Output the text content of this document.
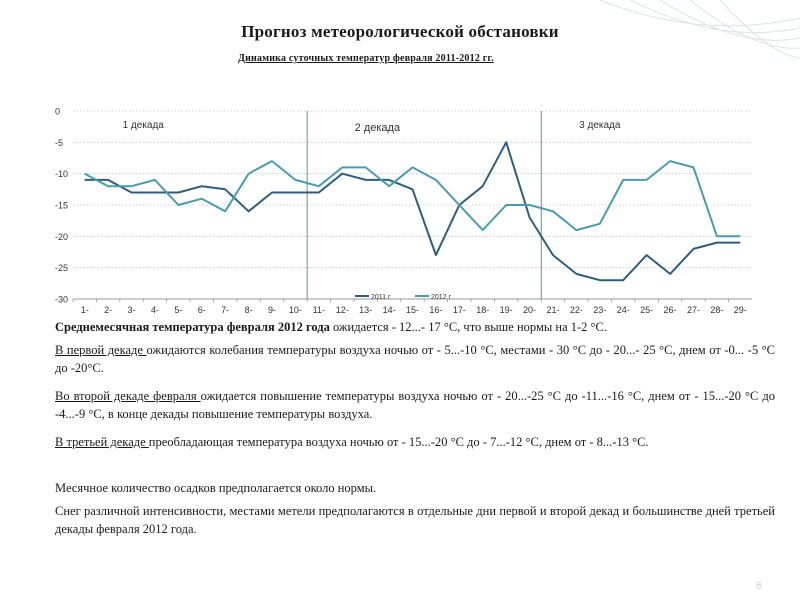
Прогноз метеорологической обстановки
Динамика суточных температур февраля 2011-2012 гг.
1 декада	2 декада	3 декада
0
-5
-10
-15
-20
-25
-30
1- 2- 3- 4- 5- 6- 7- 8- 9- 10- 11- 12- 13- 14- 15- 16- 17- 18- 19- 20- 21- 22- 23- 24- 25- 26- 27- 28- 29-
2011 г	2012 г
Среднемесячная температура февраля 2012 года ожидается - 12...- 17 °С, что выше нормы на 1-2 °С.
В первой декаде ожидаются колебания температуры воздуха ночью от - 5...-10 °С, местами - 30 °С до - 20...- 25 °С, днем от -0... -5 °С до -20°С.
Во второй декаде февраля ожидается повышение температуры воздуха ночью от - 20...-25 °С до -11...-16 °С, днем от - 15...-20 °С до -4...-9 °С, в конце декады повышение температуры воздуха.
В третьей декаде преобладающая температура воздуха ночью от - 15...-20 °С до - 7...-12 °С, днем от - 8...-13 °С.
Месячное количество осадков предполагается около нормы.
Снег различной интенсивности, местами метели предполагаются в отдельные дни первой и второй декад и большинстве дней третьей декады февраля 2012 года.
6
